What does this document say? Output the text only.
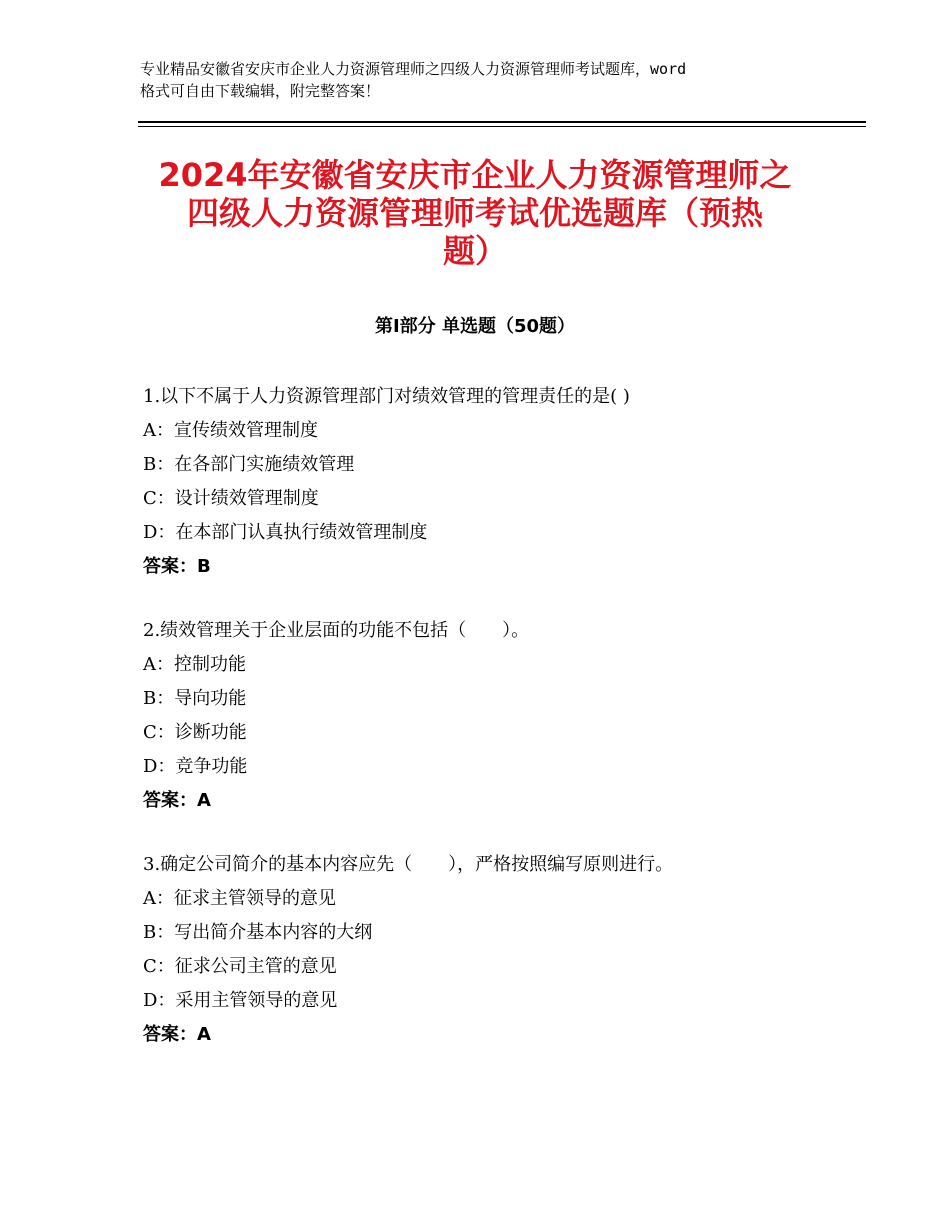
专业精品安徽省安庆市企业人力资源管理师之四级人力资源管理师考试题库，word
格式可自由下载编辑，附完整答案！
2024年安徽省安庆市企业人力资源管理师之
四级人力资源管理师考试优选题库（预热
题）
第Ⅰ部分 单选题（50题）
1.以下不属于人力资源管理部门对绩效管理的管理责任的是( )
A：宣传绩效管理制度
B：在各部门实施绩效管理
C：设计绩效管理制度
D：在本部门认真执行绩效管理制度
答案：B
2.绩效管理关于企业层面的功能不包括（　　）。
A：控制功能
B：导向功能
C：诊断功能
D：竞争功能
答案：A
3.确定公司简介的基本内容应先（　　），严格按照编写原则进行。
A：征求主管领导的意见
B：写出简介基本内容的大纲
C：征求公司主管的意见
D：采用主管领导的意见
答案：A
